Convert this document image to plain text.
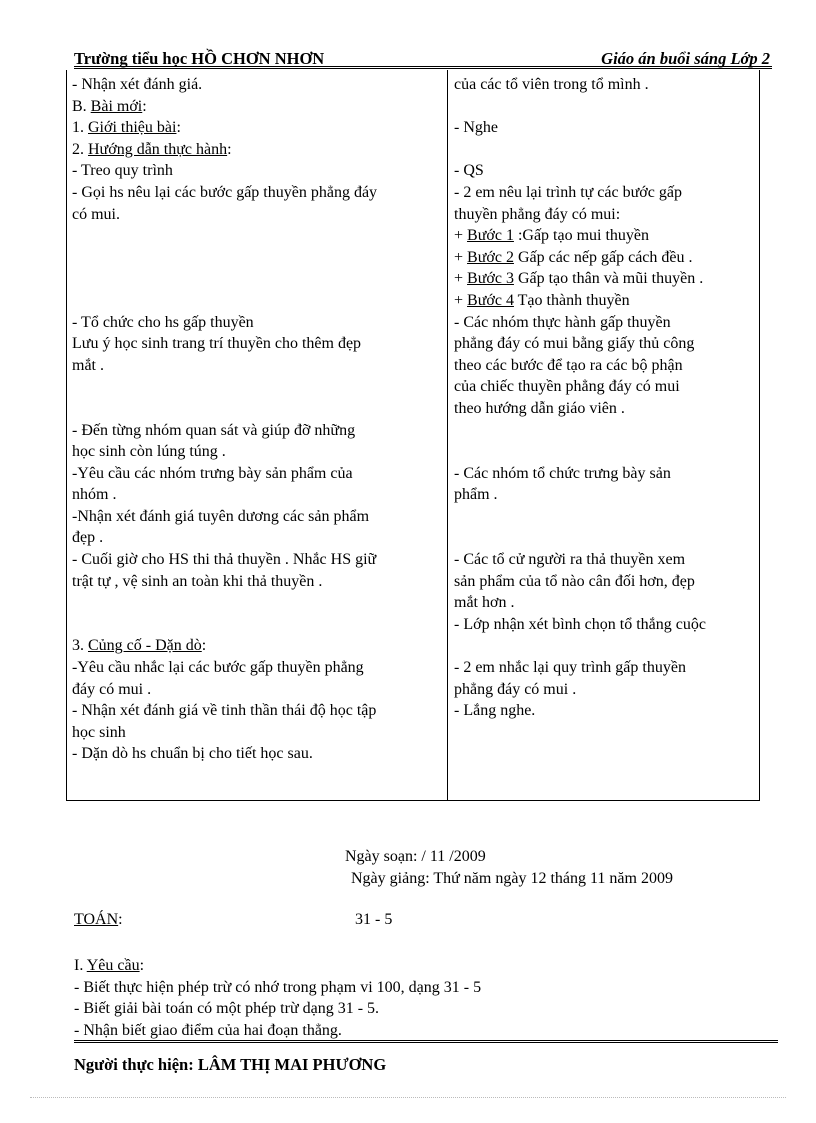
Trường tiểu học HỒ CHƠN NHƠN	Giáo án buổi sáng Lớp 2
- Nhận xét đánh giá.
B. Bài mới:
1. Giới thiệu bài:
2. Hướng dẫn thực hành:
- Treo quy trình
- Gọi hs nêu lại các bước gấp thuyền phẳng đáy
có mui.
- Tổ chức cho hs gấp thuyền
Lưu ý học sinh trang trí thuyền cho thêm đẹp
mắt .
- Đến từng nhóm quan sát và giúp đỡ những
học sinh còn lúng túng .
-Yêu cầu các nhóm trưng bày sản phẩm của
nhóm .
-Nhận xét đánh giá tuyên dương các sản phẩm
đẹp .
- Cuối giờ cho HS thi thả thuyền . Nhắc HS giữ
trật tự , vệ sinh an toàn khi thả thuyền .
3. Củng cố - Dặn dò:
-Yêu cầu nhắc lại các bước gấp thuyền phẳng
đáy có mui .
- Nhận xét đánh giá về tinh thần thái độ học tập
học sinh
- Dặn dò hs chuẩn bị cho tiết học sau.
của các tổ viên trong tổ mình .
- Nghe
- QS
- 2 em nêu lại trình tự các bước gấp
thuyền phẳng đáy có mui:
+ Bước 1 :Gấp tạo mui thuyền
+ Bước 2 Gấp các nếp gấp cách đều .
+ Bước 3 Gấp tạo thân và mũi thuyền .
+ Bước 4 Tạo thành thuyền
- Các nhóm thực hành gấp thuyền
phẳng đáy có mui bằng giấy thủ công
theo các bước để tạo ra các bộ phận
của chiếc thuyền phẳng đáy có mui
theo hướng dẫn giáo viên .
- Các nhóm tổ chức trưng bày sản
phẩm .
- Các tổ cử người ra thả thuyền xem
sản phẩm của tổ nào cân đối hơn, đẹp
mắt hơn .
- Lớp nhận xét bình chọn tổ thắng cuộc
- 2 em nhắc lại quy trình gấp thuyền
phẳng đáy có mui .
- Lắng nghe.
Ngày soạn: / 11 /2009
Ngày giảng: Thứ năm ngày 12 tháng 11 năm 2009
TOÁN:	31 - 5
I. Yêu cầu:
- Biết thực hiện phép trừ có nhớ trong phạm vi 100, dạng 31 - 5
- Biết giải bài toán có một phép trừ dạng 31 - 5.
- Nhận biết giao điểm của hai đoạn thẳng.
Người thực hiện: LÂM THỊ MAI PHƯƠNG
